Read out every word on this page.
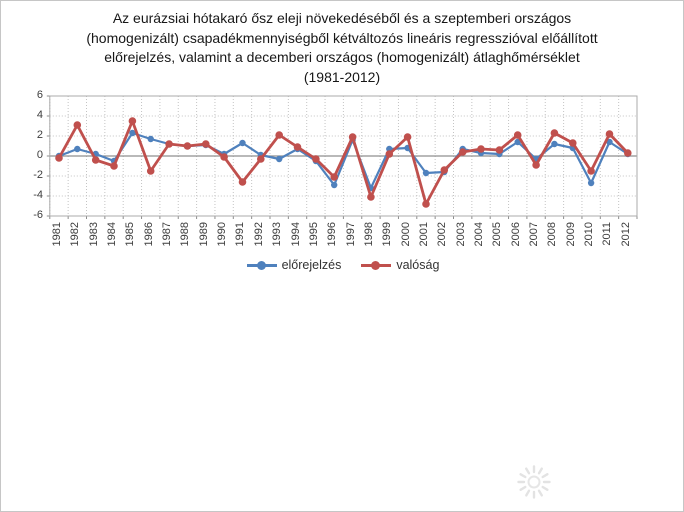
Az eurázsiai hótakaró ősz eleji növekedéséből és a szeptemberi országos
(homogenizált) csapadékmennyiségből kétváltozós lineáris regresszióval előállított
előrejelzés, valamint a decemberi országos (homogenizált) átlaghőmérséklet
(1981-2012)
6
4
2
0
-2
-4
-6
1981 1982 1983 1984 1985 1986 1987 1988 1989 1990 1991 1992 1993 1994 1995 1996 1997 1998 1999 2000 2001 2002 2003 2004 2005 2006 2007 2008 2009 2010 2011 2012
előrejelzés	valóság
